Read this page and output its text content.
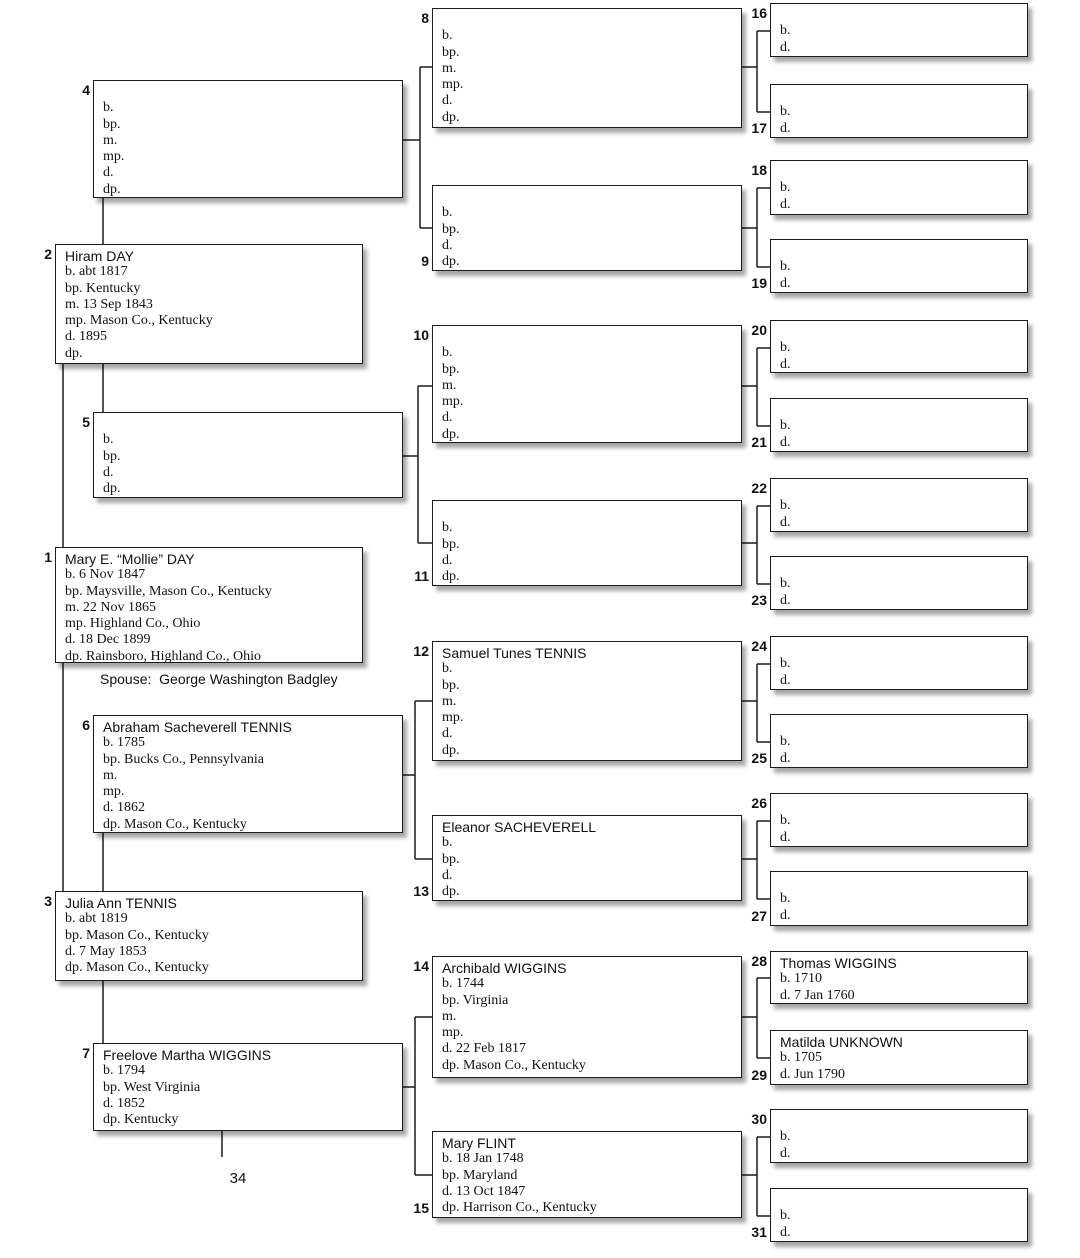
Spouse:  George Washington Badgley
34
Mary E. “Mollie” DAY
b. 6 Nov 1847
bp. Maysville, Mason Co., Kentucky
m. 22 Nov 1865
mp. Highland Co., Ohio
d. 18 Dec 1899
dp. Rainsboro, Highland Co., Ohio
1
Hiram DAY
b. abt 1817
bp. Kentucky
m. 13 Sep 1843
mp. Mason Co., Kentucky
d. 1895
dp.
2
Julia Ann TENNIS
b. abt 1819
bp. Mason Co., Kentucky
d. 7 May 1853
dp. Mason Co., Kentucky
3
b.
bp.
m.
mp.
d.
dp.
4
b.
bp.
d.
dp.
5
Abraham Sacheverell TENNIS
b. 1785
bp. Bucks Co., Pennsylvania
m.
mp.
d. 1862
dp. Mason Co., Kentucky
6
Freelove Martha WIGGINS
b. 1794
bp. West Virginia
d. 1852
dp. Kentucky
7
b.
bp.
m.
mp.
d.
dp.
8
b.
bp.
d.
dp.
9
b.
bp.
m.
mp.
d.
dp.
10
b.
bp.
d.
dp.
11
Samuel Tunes TENNIS
b.
bp.
m.
mp.
d.
dp.
12
Eleanor SACHEVERELL
b.
bp.
d.
dp.
13
Archibald WIGGINS
b. 1744
bp. Virginia
m.
mp.
d. 22 Feb 1817
dp. Mason Co., Kentucky
14
Mary FLINT
b. 18 Jan 1748
bp. Maryland
d. 13 Oct 1847
dp. Harrison Co., Kentucky
15
b.
d.
16
b.
d.
17
b.
d.
18
b.
d.
19
b.
d.
20
b.
d.
21
b.
d.
22
b.
d.
23
b.
d.
24
b.
d.
25
b.
d.
26
b.
d.
27
Thomas WIGGINS
b. 1710
d. 7 Jan 1760
28
Matilda UNKNOWN
b. 1705
d. Jun 1790
29
b.
d.
30
b.
d.
31
